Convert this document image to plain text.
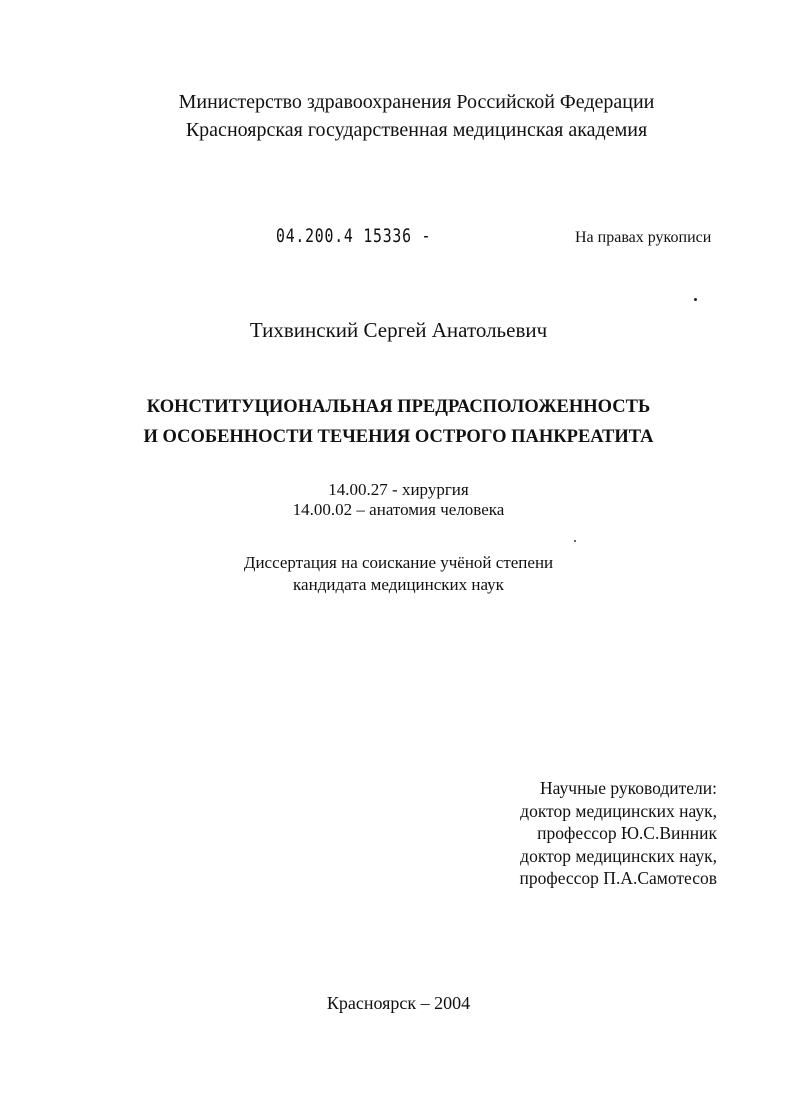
Министерство здравоохранения Российской Федерации
Красноярская государственная медицинская академия
04.200.4 15336 -	На правах рукописи
Тихвинский Сергей Анатольевич
КОНСТИТУЦИОНАЛЬНАЯ ПРЕДРАСПОЛОЖЕННОСТЬ
И ОСОБЕННОСТИ ТЕЧЕНИЯ ОСТРОГО ПАНКРЕАТИТА
14.00.27 - хирургия
14.00.02 – анатомия человека
Диссертация на соискание учёной степени
кандидата медицинских наук
Научные руководители:
доктор медицинских наук,
профессор Ю.С.Винник
доктор медицинских наук,
профессор П.А.Самотесов
Красноярск – 2004
